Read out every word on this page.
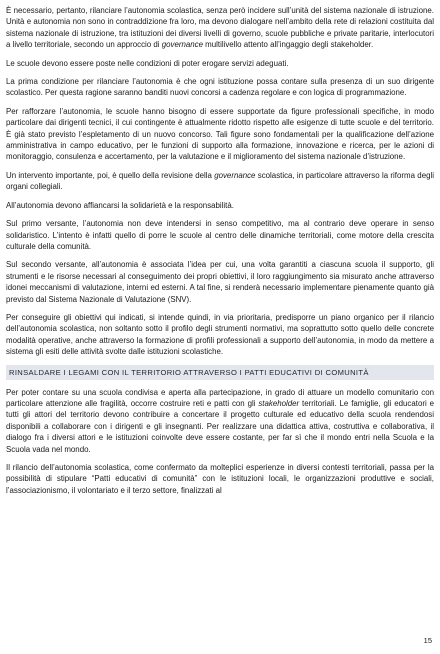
È necessario, pertanto, rilanciare l’autonomia scolastica, senza però incidere sull’unità del sistema nazionale di istruzione. Unità e autonomia non sono in contraddizione fra loro, ma devono dialogare nell’ambito della rete di relazioni costituita dal sistema nazionale di istruzione, tra istituzioni dei diversi livelli di governo, scuole pubbliche e private paritarie, interlocutori a livello territoriale, secondo un approccio di governance multilivello attento all’ingaggio degli stakeholder.

Le scuole devono essere poste nelle condizioni di poter erogare servizi adeguati.

La prima condizione per rilanciare l’autonomia è che ogni istituzione possa contare sulla presenza di un suo dirigente scolastico. Per questa ragione saranno banditi nuovi concorsi a cadenza regolare e con logica di programmazione.

Per rafforzare l’autonomia, le scuole hanno bisogno di essere supportate da figure professionali specifiche, in modo particolare dai dirigenti tecnici, il cui contingente è attualmente ridotto rispetto alle esigenze di tutte scuole e del territorio. È già stato previsto l’espletamento di un nuovo concorso. Tali figure sono fondamentali per la qualificazione dell’azione amministrativa in campo educativo, per le funzioni di supporto alla formazione, innovazione e ricerca, per le azioni di monitoraggio, consulenza e accertamento, per la valutazione e il miglioramento del sistema nazionale d’istruzione.

Un intervento importante, poi, è quello della revisione della governance scolastica, in particolare attraverso la riforma degli organi collegiali.

All’autonomia devono affiancarsi la solidarietà e la responsabilità.

Sul primo versante, l’autonomia non deve intendersi in senso competitivo, ma al contrario deve operare in senso solidaristico. L’intento è infatti quello di porre le scuole al centro delle dinamiche territoriali, come motore della crescita culturale della comunità.

Sul secondo versante, all’autonomia è associata l’idea per cui, una volta garantiti a ciascuna scuola il supporto, gli strumenti e le risorse necessari al conseguimento dei propri obiettivi, il loro raggiungimento sia misurato anche attraverso idonei meccanismi di valutazione, interni ed esterni. A tal fine, si renderà necessario implementare pienamente quanto già previsto dal Sistema Nazionale di Valutazione (SNV).

Per conseguire gli obiettivi qui indicati, si intende quindi, in via prioritaria, predisporre un piano organico per il rilancio dell’autonomia scolastica, non soltanto sotto il profilo degli strumenti normativi, ma soprattutto sotto quello delle concrete modalità operative, anche attraverso la formazione di profili professionali a supporto dell’autonomia, in modo da mettere a sistema gli esiti delle attività svolte dalle istituzioni scolastiche.

RINSALDARE I LEGAMI CON IL TERRITORIO ATTRAVERSO I PATTI EDUCATIVI DI COMUNITÀ

Per poter contare su una scuola condivisa e aperta alla partecipazione, in grado di attuare un modello comunitario con particolare attenzione alle fragilità, occorre costruire reti e patti con gli stakeholder territoriali. Le famiglie, gli educatori e tutti gli attori del territorio devono contribuire a concertare il progetto culturale ed educativo della scuola rendendosi disponibili a collaborare con i dirigenti e gli insegnanti. Per realizzare una didattica attiva, costruttiva e collaborativa, il dialogo fra i diversi attori e le istituzioni coinvolte deve essere costante, per far sì che il mondo entri nella Scuola e la Scuola vada nel mondo.

Il rilancio dell’autonomia scolastica, come confermato da molteplici esperienze in diversi contesti territoriali, passa per la possibilità di stipulare “Patti educativi di comunità” con le istituzioni locali, le organizzazioni produttive e sociali, l’associazionismo, il volontariato e il terzo settore, finalizzati al

15
